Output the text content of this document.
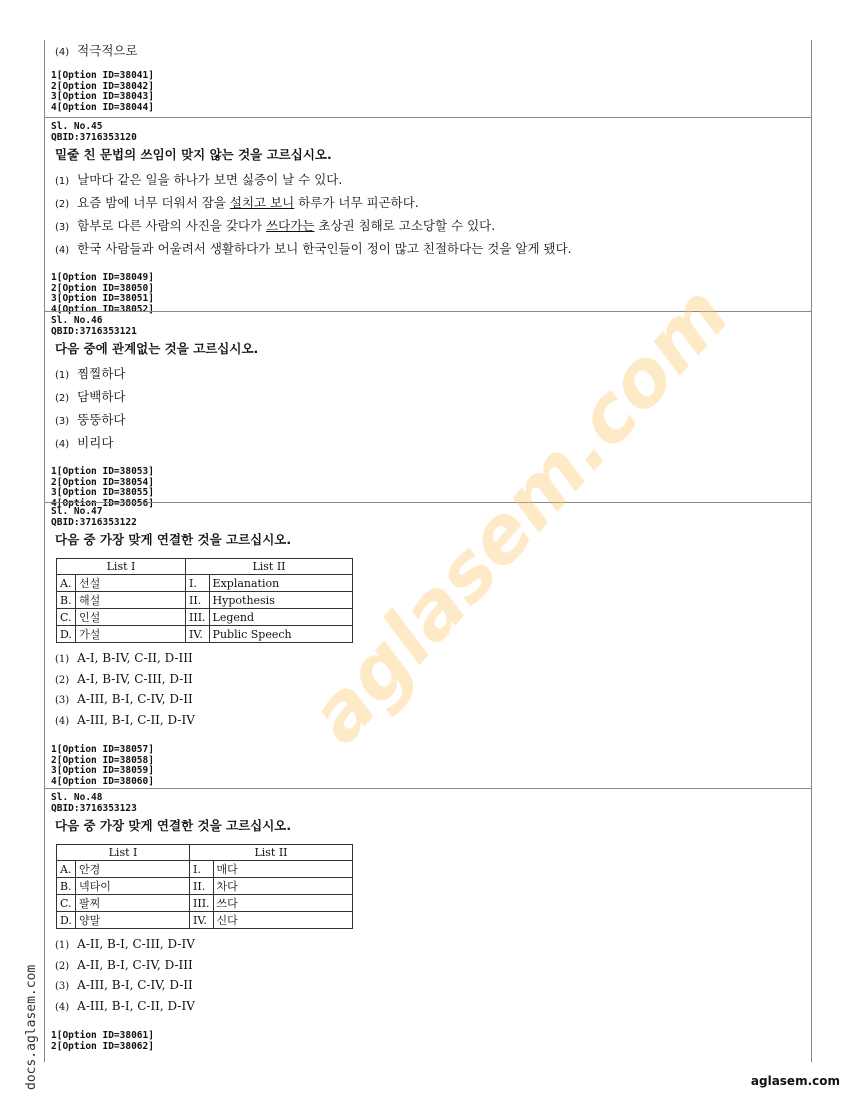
(4) 적극적으로
1[Option ID=38041]
2[Option ID=38042]
3[Option ID=38043]
4[Option ID=38044]
Sl. No.45
QBID:3716353120
밑줄 친 문법의 쓰임이 맞지 않는 것을 고르십시오.
(1) 날마다 같은 일을 하나가 보면 싫증이 날 수 있다.
(2) 요즘 밤에 너무 더워서 잠을 설치고 보니 하루가 너무 피곤하다.
(3) 함부로 다른 사람의 사진을 갖다가 쓰다가는 초상권 침해로 고소당할 수 있다.
(4) 한국 사람들과 어울려서 생활하다가 보니 한국인들이 정이 많고 친절하다는 것을 알게 됐다.
1[Option ID=38049]
2[Option ID=38050]
3[Option ID=38051]
4[Option ID=38052]
Sl. No.46
QBID:3716353121
다음 중에 관계없는 것을 고르십시오.
(1) 찜찔하다
(2) 담백하다
(3) 뚱뚱하다
(4) 비리다
1[Option ID=38053]
2[Option ID=38054]
3[Option ID=38055]
4[Option ID=38056]
Sl. No.47
QBID:3716353122
다음 중 가장 맞게 연결한 것을 고르십시오.
List I		List II	
A.	선설	I.	Explanation
B.	해설	II.	Hypothesis
C.	인설	III.	Legend
D.	가설	IV.	Public Speech
(1) A-I, B-IV, C-II, D-III
(2) A-I, B-IV, C-III, D-II
(3) A-III, B-I, C-IV, D-II
(4) A-III, B-I, C-II, D-IV
1[Option ID=38057]
2[Option ID=38058]
3[Option ID=38059]
4[Option ID=38060]
Sl. No.48
QBID:3716353123
다음 중 가장 맞게 연결한 것을 고르십시오.
List I		List II	
A.	안경	I.	매다
B.	넥타이	II.	차다
C.	팔찌	III.	쓰다
D.	양말	IV.	신다
(1) A-II, B-I, C-III, D-IV
(2) A-II, B-I, C-IV, D-III
(3) A-III, B-I, C-IV, D-II
(4) A-III, B-I, C-II, D-IV
1[Option ID=38061]
2[Option ID=38062]
aglasem.com
docs.aglasem.com	aglasem.com
